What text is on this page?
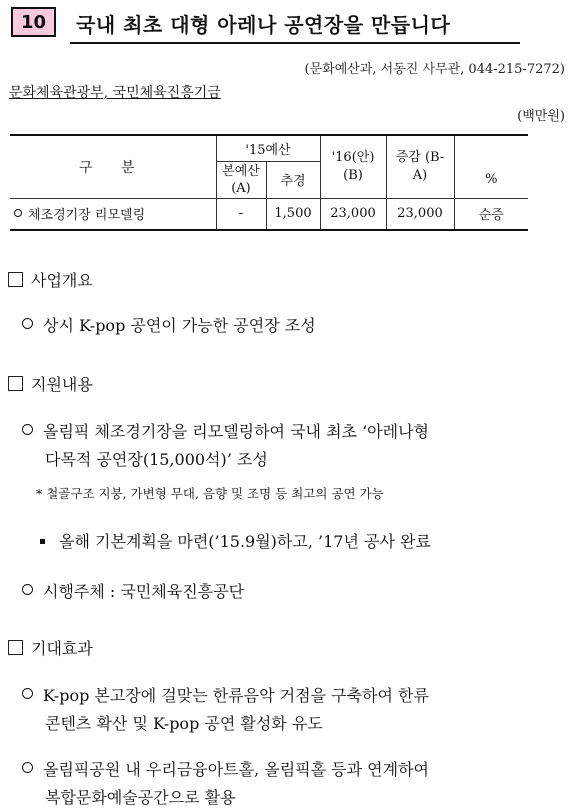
10	국내 최초 대형 아레나 공연장을 만듭니다
(문화예산과, 서동진 사무관, 044-215-7272)
문화체육관광부, 국민체육진흥기금
(백만원)
구 분	'15예산		'16(안) (B)	증감 (B-A)	
	본예산 (A)	추경			%
체조경기장 리모델링	-	1,500	23,000	23,000	순증
사업개요
상시 K-pop 공연이 가능한 공연장 조성
지원내용
올림픽 체조경기장을 리모델링하여 국내 최초 ‘아레나형
다목적 공연장(15,000석)’ 조성
* 철골구조 지붕, 가변형 무대, 음향 및 조명 등 최고의 공연 가능
올해 기본계획을 마련(’15.9월)하고, ’17년 공사 완료
시행주체 : 국민체육진흥공단
기대효과
K-pop 본고장에 걸맞는 한류음악 거점을 구축하여 한류
콘텐츠 확산 및 K-pop 공연 활성화 유도
올림픽공원 내 우리금융아트홀, 올림픽홀 등과 연계하여
복합문화예술공간으로 활용
